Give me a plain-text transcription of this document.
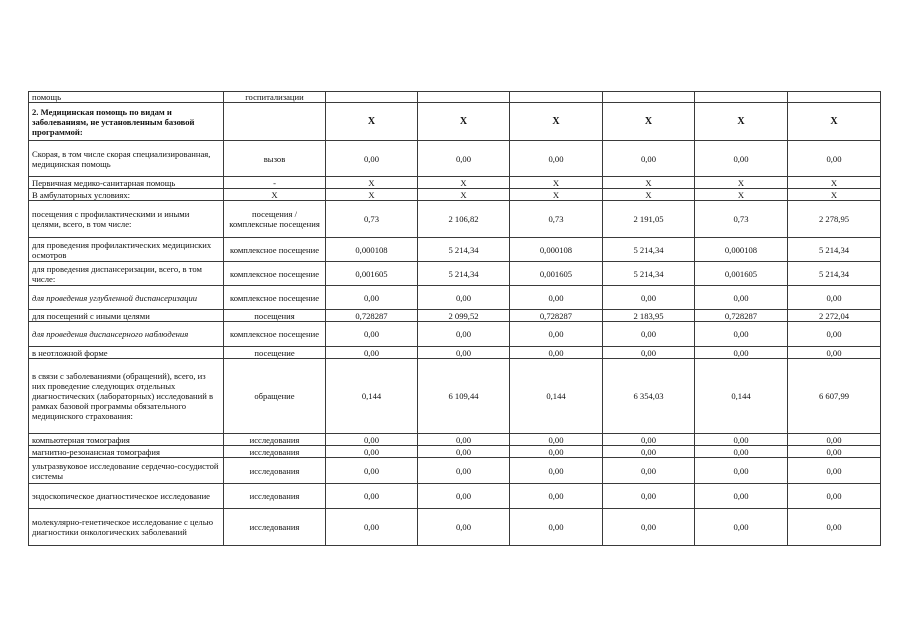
помощь	госпитализации						
2. Медицинская помощь по видам и заболеваниям, не установленным базовой программой:		Х	Х	Х	Х	Х	Х
Скорая, в том числе скорая специализированная, медицинская помощь	вызов	0,00	0,00	0,00	0,00	0,00	0,00
Первичная медико-санитарная помощь	-	Х	Х	Х	Х	Х	Х
В амбулаторных условиях:	Х	Х	Х	Х	Х	Х	Х
посещения с профилактическими и иными целями, всего, в том числе:	посещения / комплексные посещения	0,73	2 106,82	0,73	2 191,05	0,73	2 278,95
для проведения профилактических медицинских осмотров	комплексное посещение	0,000108	5 214,34	0,000108	5 214,34	0,000108	5 214,34
для проведения диспансеризации, всего, в том числе:	комплексное посещение	0,001605	5 214,34	0,001605	5 214,34	0,001605	5 214,34
для проведения углубленной диспансеризации	комплексное посещение	0,00	0,00	0,00	0,00	0,00	0,00
для посещений с иными целями	посещения	0,728287	2 099,52	0,728287	2 183,95	0,728287	2 272,04
для проведения диспансерного наблюдения	комплексное посещение	0,00	0,00	0,00	0,00	0,00	0,00
в неотложной форме	посещение	0,00	0,00	0,00	0,00	0,00	0,00
в связи с заболеваниями (обращений), всего, из них проведение следующих отдельных диагностических (лабораторных) исследований в рамках базовой программы обязательного медицинского страхования:	обращение	0,144	6 109,44	0,144	6 354,03	0,144	6 607,99
компьютерная томография	исследования	0,00	0,00	0,00	0,00	0,00	0,00
магнитно-резонансная томография	исследования	0,00	0,00	0,00	0,00	0,00	0,00
ультразвуковое исследование сердечно-сосудистой системы	исследования	0,00	0,00	0,00	0,00	0,00	0,00
эндоскопическое диагностическое исследование	исследования	0,00	0,00	0,00	0,00	0,00	0,00
молекулярно-генетическое исследование с целью диагностики онкологических заболеваний	исследования	0,00	0,00	0,00	0,00	0,00	0,00
